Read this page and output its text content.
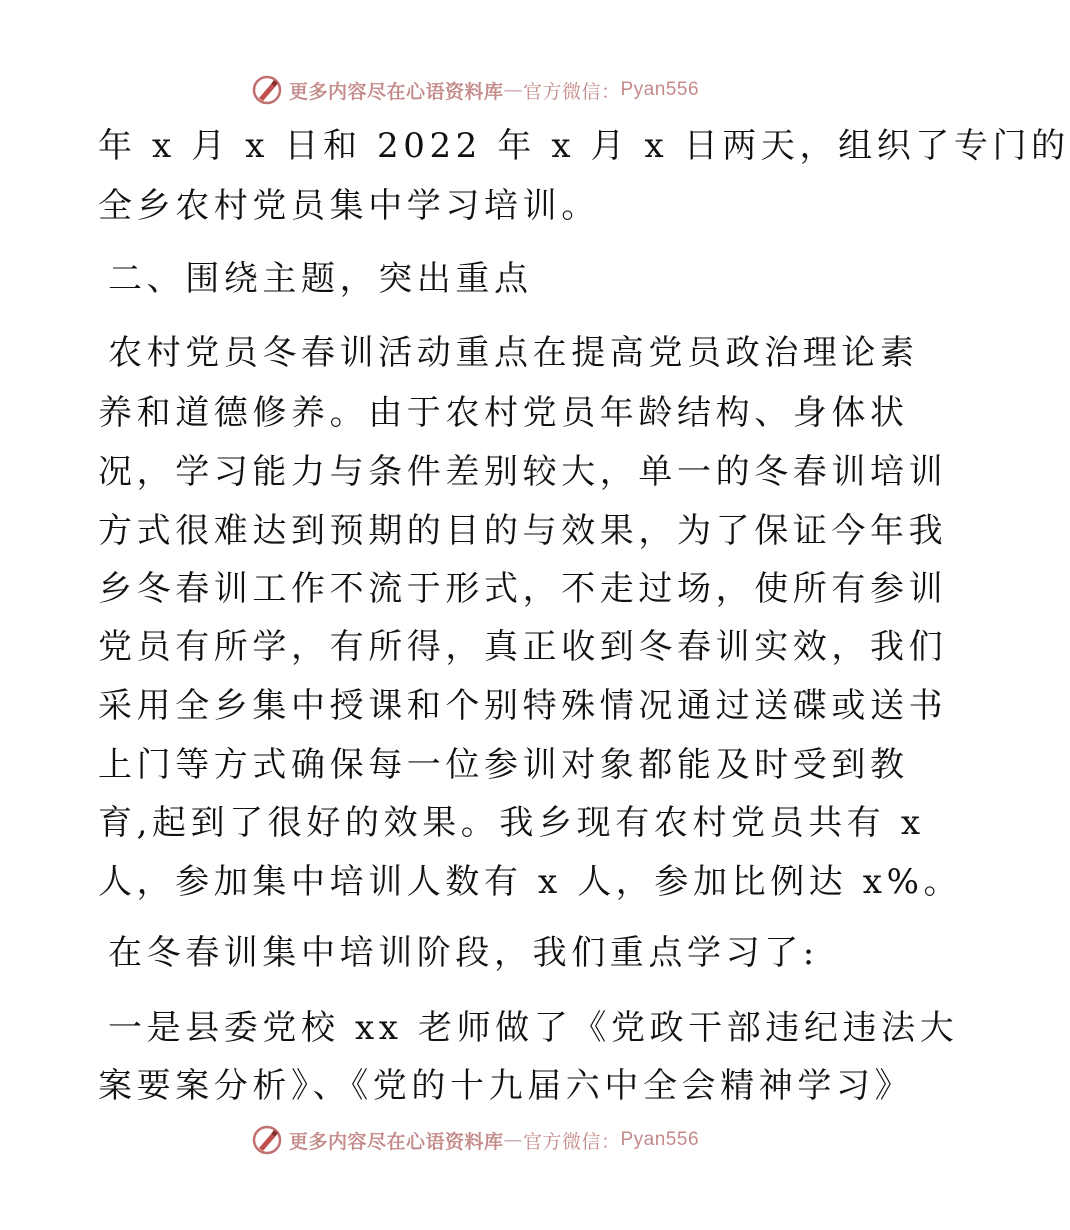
更多内容尽在心语资料库 — 官方微信： Pyan556
年 x 月 x 日和 2022 年 x 月 x 日两天，组织了专门的
全乡农村党员集中学习培训。
二、围绕主题，突出重点
农村党员冬春训活动重点在提高党员政治理论素
养和道德修养。由于农村党员年龄结构、身体状
况，学习能力与条件差别较大，单一的冬春训培训
方式很难达到预期的目的与效果，为了保证今年我
乡冬春训工作不流于形式，不走过场，使所有参训
党员有所学，有所得，真正收到冬春训实效，我们
采用全乡集中授课和个别特殊情况通过送碟或送书
上门等方式确保每一位参训对象都能及时受到教
育,起到了很好的效果。我乡现有农村党员共有 x
人，参加集中培训人数有 x 人，参加比例达 x%。
在冬春训集中培训阶段，我们重点学习了:
一是县委党校 xx 老师做了《党政干部违纪违法大
案要案分析》、《党的十九届六中全会精神学习》
更多内容尽在心语资料库 — 官方微信： Pyan556
